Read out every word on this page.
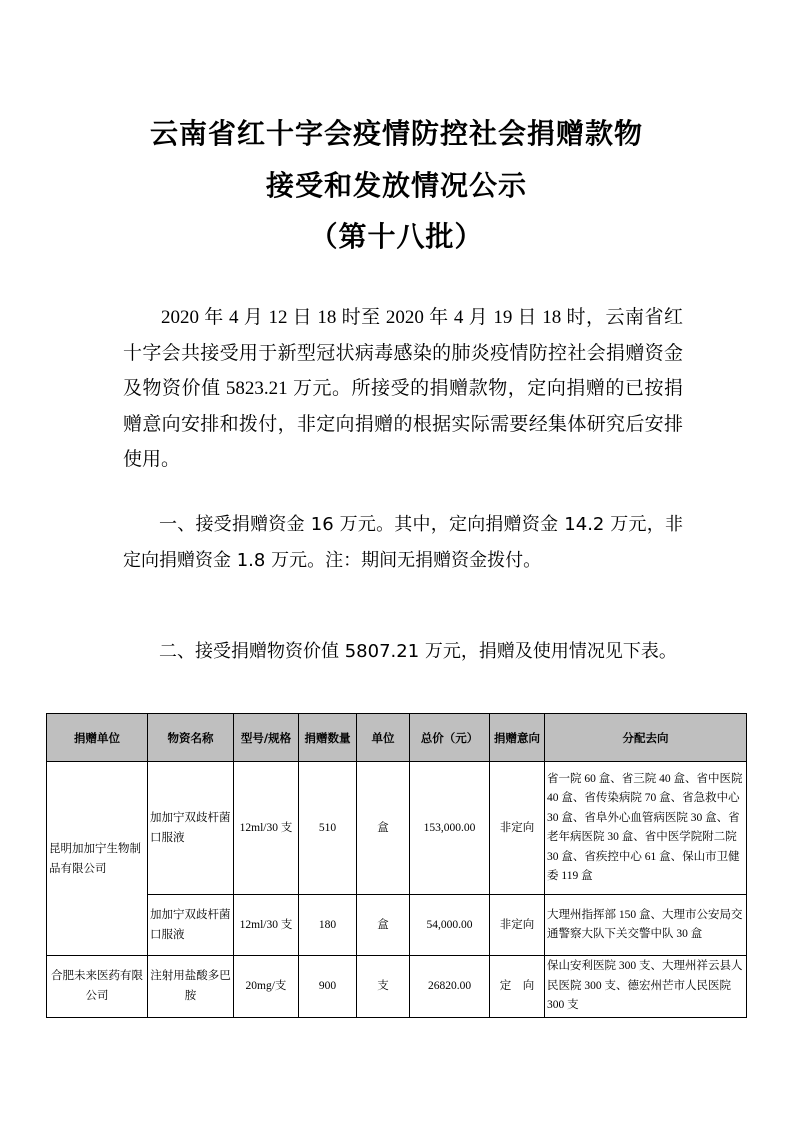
云南省红十字会疫情防控社会捐赠款物
接受和发放情况公示
（第十八批）
2020 年 4 月 12 日 18 时至 2020 年 4 月 19 日 18 时，云南省红十字会共接受用于新型冠状病毒感染的肺炎疫情防控社会捐赠资金及物资价值 5823.21 万元。所接受的捐赠款物，定向捐赠的已按捐赠意向安排和拨付，非定向捐赠的根据实际需要经集体研究后安排使用。
一、接受捐赠资金 16 万元。其中，定向捐赠资金 14.2 万元，非定向捐赠资金 1.8 万元。注：期间无捐赠资金拨付。
二、接受捐赠物资价值 5807.21 万元，捐赠及使用情况见下表。
捐赠单位	物资名称	型号/规格	捐赠数量	单位	总价（元）	捐赠意向	分配去向
昆明加加宁生物制品有限公司	加加宁双歧杆菌口服液	12ml/30 支	510	盒	153,000.00	非定向	省一院 60 盒、省三院 40 盒、省中医院 40 盒、省传染病院 70 盒、省急救中心 30 盒、省阜外心血管病医院 30 盒、省老年病医院 30 盒、省中医学院附二院 30 盒、省疾控中心 61 盒、保山市卫健委 119 盒
	加加宁双歧杆菌口服液	12ml/30 支	180	盒	54,000.00	非定向	大理州指挥部 150 盒、大理市公安局交通警察大队下关交警中队 30 盒
合肥未来医药有限公司	注射用盐酸多巴胺	20mg/支	900	支	26820.00	定　向	保山安利医院 300 支、大理州祥云县人民医院 300 支、德宏州芒市人民医院 300 支
